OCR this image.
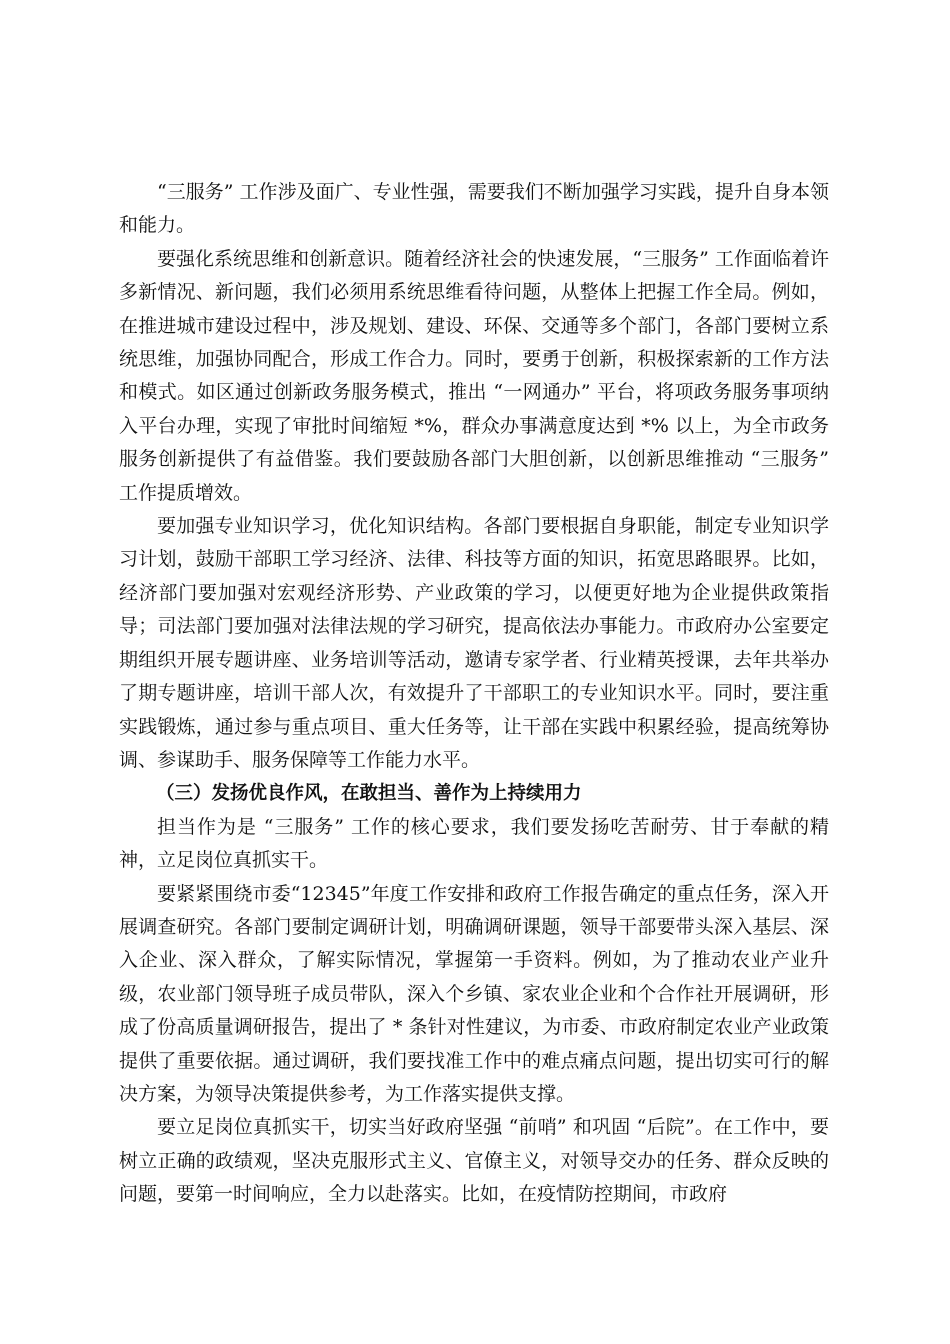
“三服务” 工作涉及面广、专业性强，需要我们不断加强学习实践，提升自身本领和能力。

要强化系统思维和创新意识。随着经济社会的快速发展，“三服务” 工作面临着许多新情况、新问题，我们必须用系统思维看待问题，从整体上把握工作全局。例如，在推进城市建设过程中，涉及规划、建设、环保、交通等多个部门，各部门要树立系统思维，加强协同配合，形成工作合力。同时，要勇于创新，积极探索新的工作方法和模式。如区通过创新政务服务模式，推出 “一网通办” 平台，将项政务服务事项纳入平台办理，实现了审批时间缩短 *%，群众办事满意度达到 *% 以上，为全市政务服务创新提供了有益借鉴。我们要鼓励各部门大胆创新，以创新思维推动 “三服务” 工作提质增效。

要加强专业知识学习，优化知识结构。各部门要根据自身职能，制定专业知识学习计划，鼓励干部职工学习经济、法律、科技等方面的知识，拓宽思路眼界。比如，经济部门要加强对宏观经济形势、产业政策的学习，以便更好地为企业提供政策指导；司法部门要加强对法律法规的学习研究，提高依法办事能力。市政府办公室要定期组织开展专题讲座、业务培训等活动，邀请专家学者、行业精英授课，去年共举办了期专题讲座，培训干部人次，有效提升了干部职工的专业知识水平。同时，要注重实践锻炼，通过参与重点项目、重大任务等，让干部在实践中积累经验，提高统筹协调、参谋助手、服务保障等工作能力水平。

（三）发扬优良作风，在敢担当、善作为上持续用力

担当作为是 “三服务” 工作的核心要求，我们要发扬吃苦耐劳、甘于奉献的精神，立足岗位真抓实干。

要紧紧围绕市委“12345”年度工作安排和政府工作报告确定的重点任务，深入开展调查研究。各部门要制定调研计划，明确调研课题，领导干部要带头深入基层、深入企业、深入群众，了解实际情况，掌握第一手资料。例如，为了推动农业产业升级，农业部门领导班子成员带队，深入个乡镇、家农业企业和个合作社开展调研，形成了份高质量调研报告，提出了 * 条针对性建议，为市委、市政府制定农业产业政策提供了重要依据。通过调研，我们要找准工作中的难点痛点问题，提出切实可行的解决方案，为领导决策提供参考，为工作落实提供支撑。

要立足岗位真抓实干，切实当好政府坚强 “前哨” 和巩固 “后院”。在工作中，要树立正确的政绩观，坚决克服形式主义、官僚主义，对领导交办的任务、群众反映的问题，要第一时间响应，全力以赴落实。比如，在疫情防控期间，市政府
